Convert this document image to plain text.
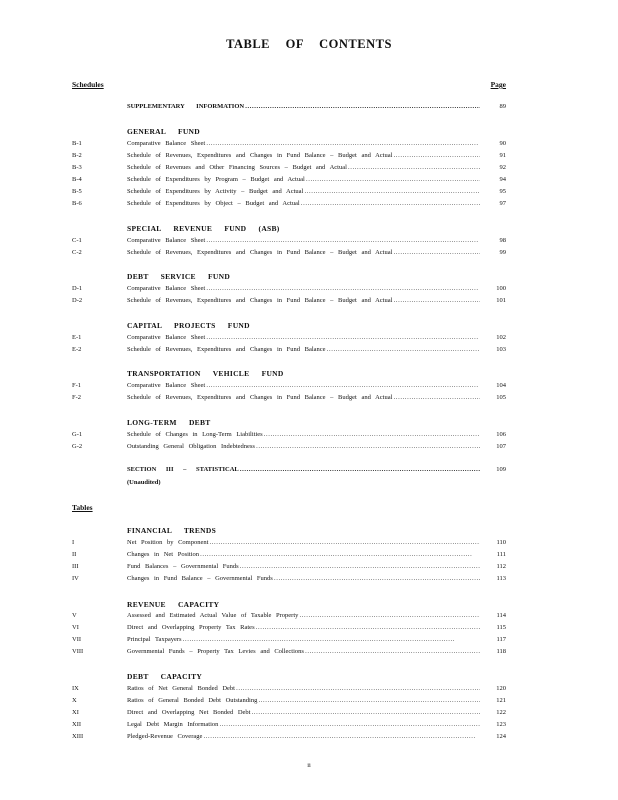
TABLE OF CONTENTS
Schedules	Page
SUPPLEMENTARY INFORMATION . . .	89
GENERAL FUND
B-1	Comparative Balance Sheet . . .	90
B-2	Schedule of Revenues, Expenditures and Changes in Fund Balance – Budget and Actual . . .	91
B-3	Schedule of Revenues and Other Financing Sources – Budget and Actual . . .	92
B-4	Schedule of Expenditures by Program – Budget and Actual . . .	94
B-5	Schedule of Expenditures by Activity – Budget and Actual . . .	95
B-6	Schedule of Expenditures by Object – Budget and Actual . . .	97
SPECIAL REVENUE FUND (ASB)
C-1	Comparative Balance Sheet . . .	98
C-2	Schedule of Revenues, Expenditures and Changes in Fund Balance – Budget and Actual . . .	99
DEBT SERVICE FUND
D-1	Comparative Balance Sheet . . .	100
D-2	Schedule of Revenues, Expenditures and Changes in Fund Balance – Budget and Actual . . .	101
CAPITAL PROJECTS FUND
E-1	Comparative Balance Sheet . . .	102
E-2	Schedule of Revenues, Expenditures and Changes in Fund Balance . . .	103
TRANSPORTATION VEHICLE FUND
F-1	Comparative Balance Sheet . . .	104
F-2	Schedule of Revenues, Expenditures and Changes in Fund Balance – Budget and Actual . . .	105
LONG-TERM DEBT
G-1	Schedule of Changes in Long-Term Liabilities . . .	106
G-2	Outstanding General Obligation Indebtedness . . .	107
SECTION III – STATISTICAL . . .	109
(Unaudited)
Tables
FINANCIAL TRENDS
I	Net Position by Component . . .	110
II	Changes in Net Position . . .	111
III	Fund Balances – Governmental Funds . . .	112
IV	Changes in Fund Balance – Governmental Funds . . .	113
REVENUE CAPACITY
V	Assessed and Estimated Actual Value of Taxable Property . . .	114
VI	Direct and Overlapping Property Tax Rates . . .	115
VII	Principal Taxpayers . . .	117
VIII	Governmental Funds – Property Tax Levies and Collections . . .	118
DEBT CAPACITY
IX	Ratios of Net General Bonded Debt . . .	120
X	Ratios of General Bonded Debt Outstanding . . .	121
XI	Direct and Overlapping Net Bonded Debt . . .	122
XII	Legal Debt Margin Information . . .	123
XIII	Pledged-Revenue Coverage . . .	124
ii
